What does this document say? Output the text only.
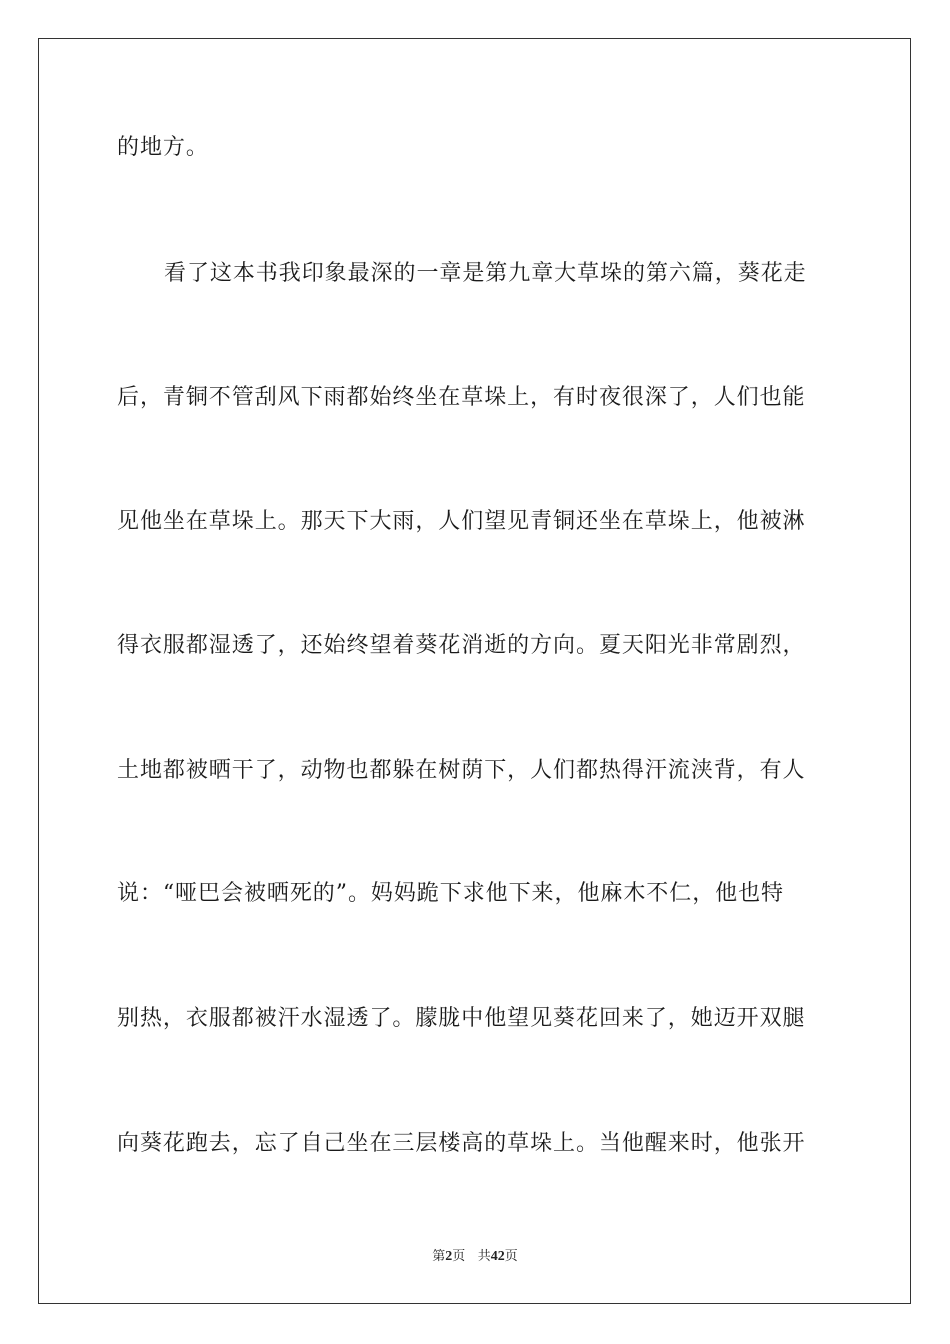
的地方。
看了这本书我印象最深的一章是第九章大草垛的第六篇，葵花走
后，青铜不管刮风下雨都始终坐在草垛上，有时夜很深了，人们也能
见他坐在草垛上。那天下大雨，人们望见青铜还坐在草垛上，他被淋
得衣服都湿透了，还始终望着葵花消逝的方向。夏天阳光非常剧烈，
土地都被晒干了，动物也都躲在树荫下，人们都热得汗流浃背，有人
说：“哑巴会被晒死的”。妈妈跪下求他下来，他麻木不仁，他也特
别热，衣服都被汗水湿透了。朦胧中他望见葵花回来了，她迈开双腿
向葵花跑去，忘了自己坐在三层楼高的草垛上。当他醒来时，他张开
第2页 共42页
